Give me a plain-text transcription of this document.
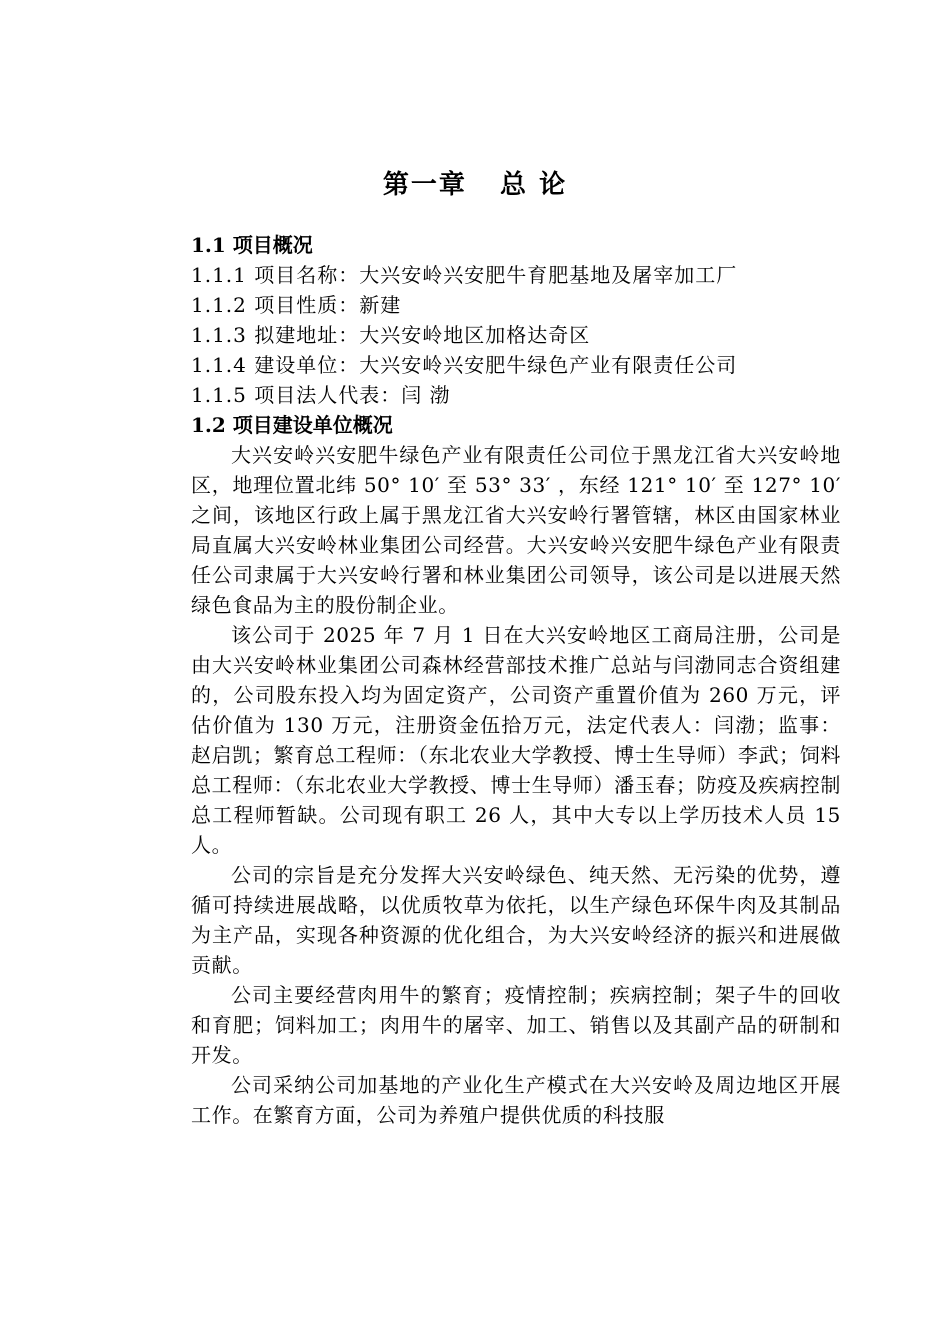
第一章   总 论
1.1 项目概况
1.1.1 项目名称：大兴安岭兴安肥牛育肥基地及屠宰加工厂
1.1.2 项目性质：新建
1.1.3 拟建地址：大兴安岭地区加格达奇区
1.1.4 建设单位：大兴安岭兴安肥牛绿色产业有限责任公司
1.1.5 项目法人代表：闫 渤
1.2 项目建设单位概况

大兴安岭兴安肥牛绿色产业有限责任公司位于黑龙江省大兴安岭地区，地理位置北纬 50° 10′ 至 53° 33′ ，东经 121° 10′ 至 127° 10′ 之间，该地区行政上属于黑龙江省大兴安岭行署管辖，林区由国家林业局直属大兴安岭林业集团公司经营。大兴安岭兴安肥牛绿色产业有限责任公司隶属于大兴安岭行署和林业集团公司领导，该公司是以进展天然绿色食品为主的股份制企业。

该公司于 2025 年 7 月 1 日在大兴安岭地区工商局注册，公司是由大兴安岭林业集团公司森林经营部技术推广总站与闫渤同志合资组建的，公司股东投入均为固定资产，公司资产重置价值为 260 万元，评估价值为 130 万元，注册资金伍拾万元，法定代表人：闫渤；监事：赵启凯；繁育总工程师：（东北农业大学教授、博士生导师）李武；饲料总工程师：（东北农业大学教授、博士生导师）潘玉春；防疫及疾病控制总工程师暂缺。公司现有职工 26 人，其中大专以上学历技术人员 15 人。

公司的宗旨是充分发挥大兴安岭绿色、纯天然、无污染的优势，遵循可持续进展战略，以优质牧草为依托，以生产绿色环保牛肉及其制品为主产品，实现各种资源的优化组合，为大兴安岭经济的振兴和进展做贡献。

公司主要经营肉用牛的繁育；疫情控制；疾病控制；架子牛的回收和育肥；饲料加工；肉用牛的屠宰、加工、销售以及其副产品的研制和开发。

公司采纳公司加基地的产业化生产模式在大兴安岭及周边地区开展工作。在繁育方面，公司为养殖户提供优质的科技服
